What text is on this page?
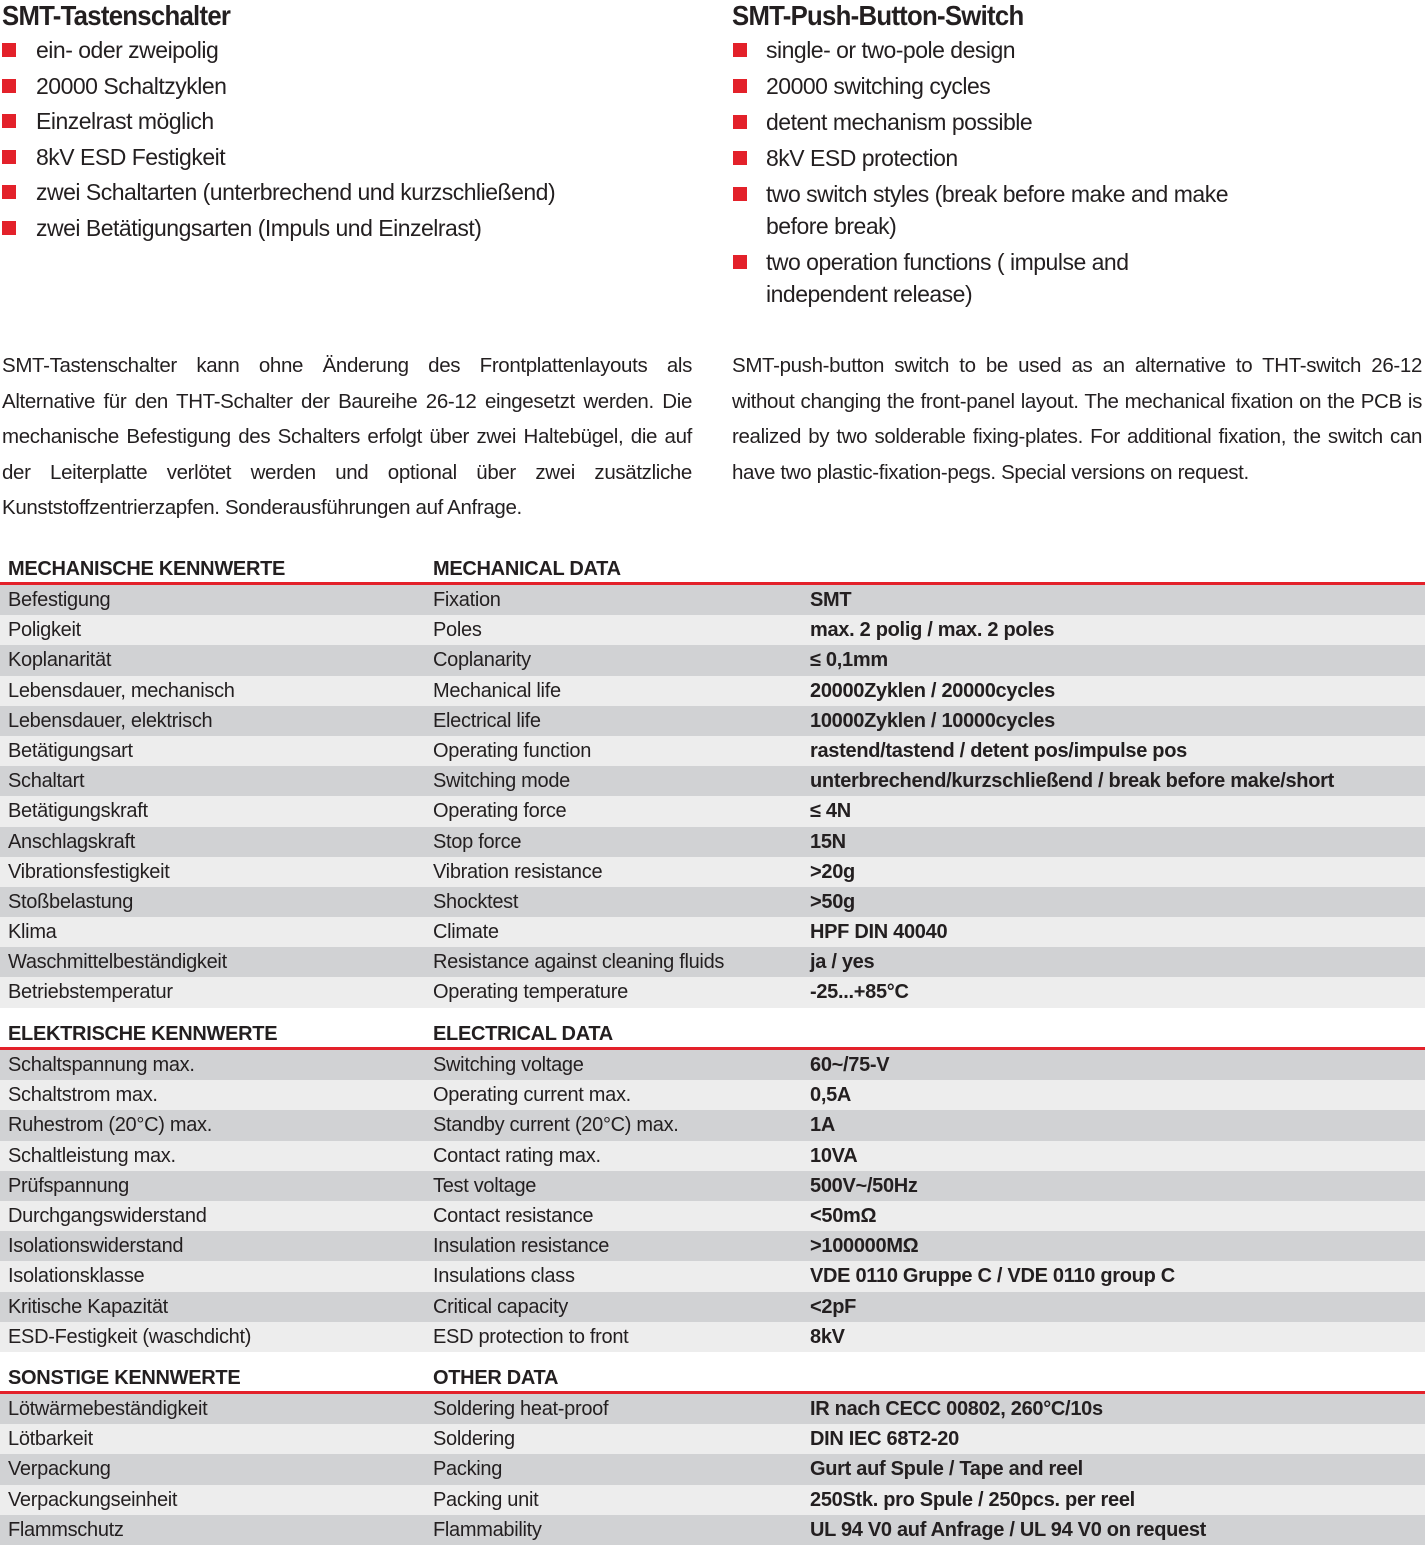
SMT-Tastenschalter
ein- oder zweipolig
20000 Schaltzyklen
Einzelrast möglich
8kV ESD Festigkeit
zwei Schaltarten (unterbrechend und kurzschließend)
zwei Betätigungsarten (Impuls und Einzelrast)
SMT-Push-Button-Switch
single- or two-pole design
20000 switching cycles
detent mechanism possible
8kV ESD protection
two switch styles (break before make and make before break)
two operation functions ( impulse and independent release)

SMT-Tastenschalter kann ohne Änderung des Frontplattenlayouts als Alternative für den THT-Schalter der Baureihe 26-12 eingesetzt werden. Die mechanische Befestigung des Schalters erfolgt über zwei Haltebügel, die auf der Leiterplatte verlötet werden und optional über zwei zusätzliche Kunststoffzentrierzapfen. Sonderausführungen auf Anfrage.

SMT-push-button switch to be used as an alternative to THT-switch 26-12 without changing the front-panel layout. The mechanical fixation on the PCB is realized by two solderable fixing-plates. For additional fixation, the switch can have two plastic-fixation-pegs. Special versions on request.

MECHANISCHE KENNWERTE	MECHANICAL DATA
Befestigung	Fixation	SMT
Poligkeit	Poles	max. 2 polig / max. 2 poles
Koplanarität	Coplanarity	≤ 0,1mm
Lebensdauer, mechanisch	Mechanical life	20000Zyklen / 20000cycles
Lebensdauer, elektrisch	Electrical life	10000Zyklen / 10000cycles
Betätigungsart	Operating function	rastend/tastend / detent pos/impulse pos
Schaltart	Switching mode	unterbrechend/kurzschließend / break before make/short
Betätigungskraft	Operating force	≤ 4N
Anschlagskraft	Stop force	15N
Vibrationsfestigkeit	Vibration resistance	>20g
Stoßbelastung	Shocktest	>50g
Klima	Climate	HPF DIN 40040
Waschmittelbeständigkeit	Resistance against cleaning fluids	ja / yes
Betriebstemperatur	Operating temperature	-25...+85°C
ELEKTRISCHE KENNWERTE	ELECTRICAL DATA
Schaltspannung max.	Switching voltage	60~/75-V
Schaltstrom max.	Operating current max.	0,5A
Ruhestrom (20°C) max.	Standby current (20°C) max.	1A
Schaltleistung max.	Contact rating max.	10VA
Prüfspannung	Test voltage	500V~/50Hz
Durchgangswiderstand	Contact resistance	<50mΩ
Isolationswiderstand	Insulation resistance	>100000MΩ
Isolationsklasse	Insulations class	VDE 0110 Gruppe C / VDE 0110 group C
Kritische Kapazität	Critical capacity	<2pF
ESD-Festigkeit (waschdicht)	ESD protection to front	8kV
SONSTIGE KENNWERTE	OTHER DATA
Lötwärmebeständigkeit	Soldering heat-proof	IR nach CECC 00802, 260°C/10s
Lötbarkeit	Soldering	DIN IEC 68T2-20
Verpackung	Packing	Gurt auf Spule / Tape and reel
Verpackungseinheit	Packing unit	250Stk. pro Spule / 250pcs. per reel
Flammschutz	Flammability	UL 94 V0 auf Anfrage / UL 94 V0 on request
